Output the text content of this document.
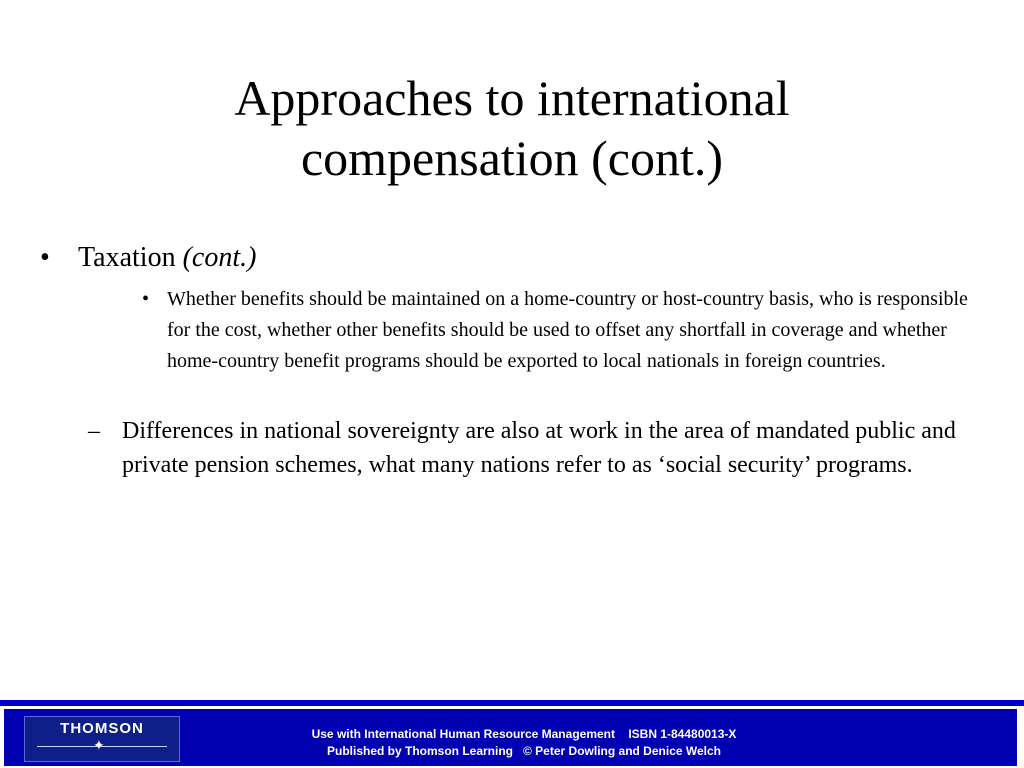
Approaches to international
compensation (cont.)
• Taxation (cont.)
• Whether benefits should be maintained on a home-country or host-country basis, who is responsible for the cost, whether other benefits should be used to offset any shortfall in coverage and whether home-country benefit programs should be exported to local nationals in foreign countries.
– Differences in national sovereignty are also at work in the area of mandated public and private pension schemes, what many nations refer to as ‘social security’ programs.
THOMSON
✦
Use with International Human Resource Management    ISBN 1-84480013-X
Published by Thomson Learning   © Peter Dowling and Denice Welch
